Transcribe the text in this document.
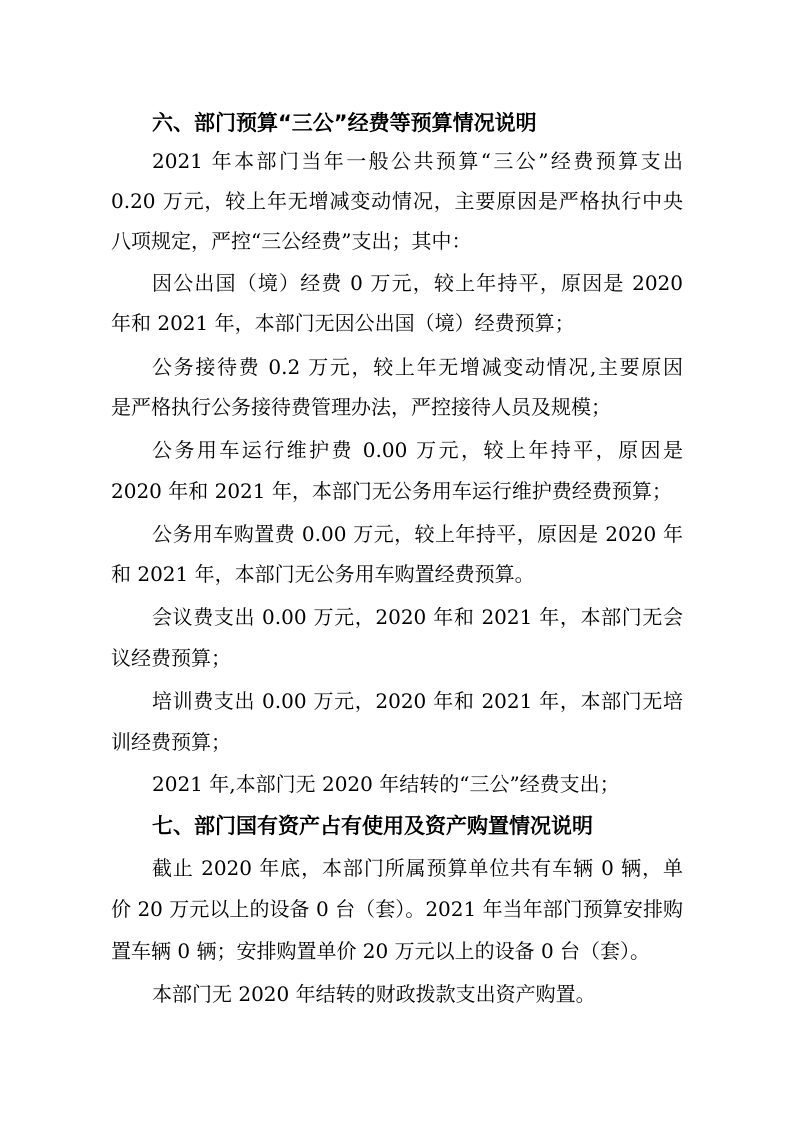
六、部门预算“三公”经费等预算情况说明
2021 年本部门当年一般公共预算“三公”经费预算支出
0.20 万元，较上年无增减变动情况，主要原因是严格执行中央
八项规定，严控“三公经费”支出；其中：
因公出国（境）经费 0 万元，较上年持平，原因是 2020
年和 2021 年，本部门无因公出国（境）经费预算；
公务接待费 0.2 万元，较上年无增减变动情况,主要原因
是严格执行公务接待费管理办法，严控接待人员及规模；
公务用车运行维护费 0.00 万元，较上年持平，原因是
2020 年和 2021 年，本部门无公务用车运行维护费经费预算；
公务用车购置费 0.00 万元，较上年持平，原因是 2020 年
和 2021 年，本部门无公务用车购置经费预算。
会议费支出 0.00 万元，2020 年和 2021 年，本部门无会
议经费预算；
培训费支出 0.00 万元，2020 年和 2021 年，本部门无培
训经费预算；
2021 年,本部门无 2020 年结转的“三公”经费支出；
七、部门国有资产占有使用及资产购置情况说明
截止 2020 年底，本部门所属预算单位共有车辆 0 辆，单
价 20 万元以上的设备 0 台（套）。2021 年当年部门预算安排购
置车辆 0 辆；安排购置单价 20 万元以上的设备 0 台（套）。
本部门无 2020 年结转的财政拨款支出资产购置。
